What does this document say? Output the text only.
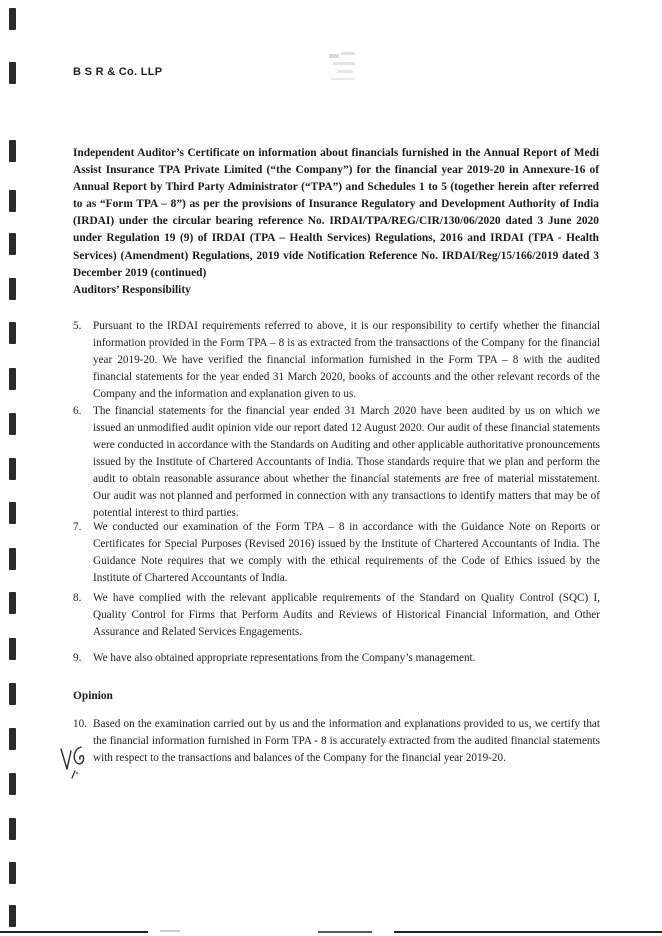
B S R & Co. LLP
Independent Auditor’s Certificate on information about financials furnished in the Annual Report of Medi Assist Insurance TPA Private Limited (“the Company”) for the financial year 2019-20 in Annexure-16 of Annual Report by Third Party Administrator (“TPA”) and Schedules 1 to 5 (together herein after referred to as “Form TPA – 8”) as per the provisions of Insurance Regulatory and Development Authority of India (IRDAI) under the circular bearing reference No. IRDAI/TPA/REG/CIR/130/06/2020 dated 3 June 2020 under Regulation 19 (9) of IRDAI (TPA – Health Services) Regulations, 2016 and IRDAI (TPA - Health Services) (Amendment) Regulations, 2019 vide Notification Reference No. IRDAI/Reg/15/166/2019 dated 3 December 2019 (continued)
Auditors’ Responsibility
5.	Pursuant to the IRDAI requirements referred to above, it is our responsibility to certify whether the financial information provided in the Form TPA – 8 is as extracted from the transactions of the Company for the financial year 2019-20. We have verified the financial information furnished in the Form TPA – 8 with the audited financial statements for the year ended 31 March 2020, books of accounts and the other relevant records of the Company and the information and explanation given to us.
6.	The financial statements for the financial year ended 31 March 2020 have been audited by us on which we issued an unmodified audit opinion vide our report dated 12 August 2020. Our audit of these financial statements were conducted in accordance with the Standards on Auditing and other applicable authoritative pronouncements issued by the Institute of Chartered Accountants of India. Those standards require that we plan and perform the audit to obtain reasonable assurance about whether the financial statements are free of material misstatement. Our audit was not planned and performed in connection with any transactions to identify matters that may be of potential interest to third parties.
7.	We conducted our examination of the Form TPA – 8 in accordance with the Guidance Note on Reports or Certificates for Special Purposes (Revised 2016) issued by the Institute of Chartered Accountants of India. The Guidance Note requires that we comply with the ethical requirements of the Code of Ethics issued by the Institute of Chartered Accountants of India.
8.	We have complied with the relevant applicable requirements of the Standard on Quality Control (SQC) I, Quality Control for Firms that Perform Audits and Reviews of Historical Financial Information, and Other Assurance and Related Services Engagements.
9.	We have also obtained appropriate representations from the Company’s management.
Opinion
10. Based on the examination carried out by us and the information and explanations provided to us, we certify that the financial information furnished in Form TPA - 8 is accurately extracted from the audited financial statements with respect to the transactions and balances of the Company for the financial year 2019-20.
